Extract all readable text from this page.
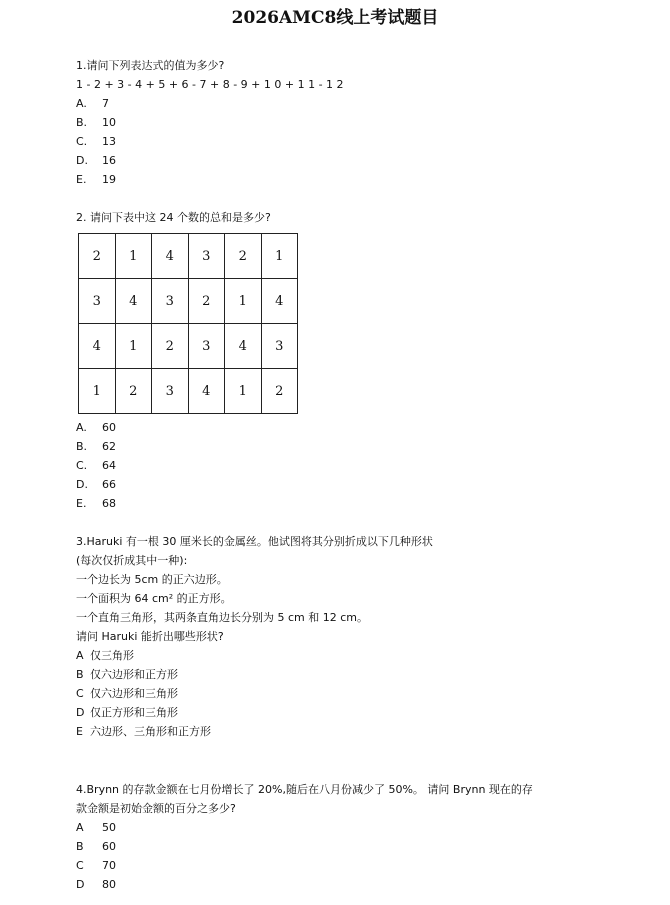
2026AMC8线上考试题目
1.请问下列表达式的值为多少?
1 - 2 + 3 - 4 + 5 + 6 - 7 + 8 - 9 + 1 0 + 1 1 - 1 2
A. 7
B. 10
C. 13
D. 16
E. 19
2. 请问下表中这 24 个数的总和是多少?
2	1	4	3	2	1
3	4	3	2	1	4
4	1	2	3	4	3
1	2	3	4	1	2
A. 60
B. 62
C. 64
D. 66
E. 68
3.Haruki 有一根 30 厘米长的金属丝。他试图将其分别折成以下几种形状
(每次仅折成其中一种):
一个边长为 5cm 的正六边形。
一个面积为 64 cm² 的正方形。
一个直角三角形，其两条直角边长分别为 5 cm 和 12 cm。
请问 Haruki 能折出哪些形状?
A 仅三角形
B 仅六边形和正方形
C 仅六边形和三角形
D 仅正方形和三角形
E 六边形、三角形和正方形
4.Brynn 的存款金额在七月份增长了 20%,随后在八月份减少了 50%。 请问 Brynn 现在的存
款金额是初始金额的百分之多少?
A 50
B 60
C 70
D 80
